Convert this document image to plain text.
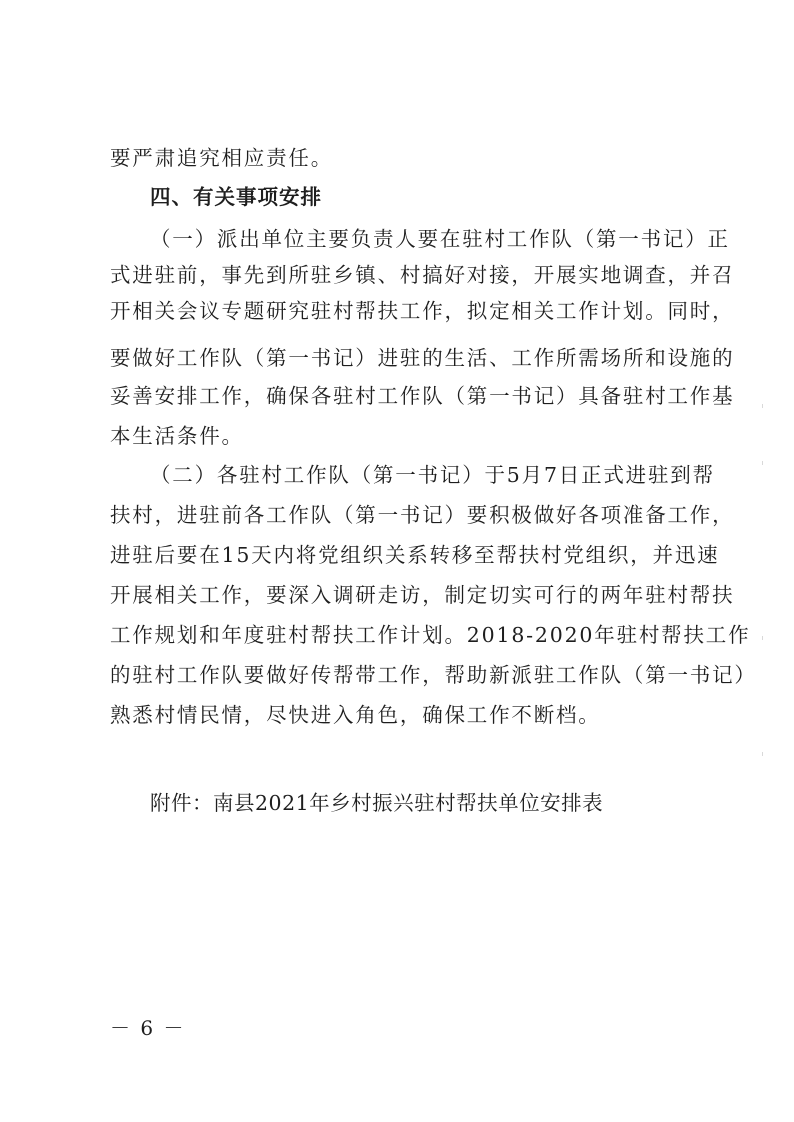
要严肃追究相应责任。
四、有关事项安排
（一）派出单位主要负责人要在驻村工作队（第一书记）正
式进驻前，事先到所驻乡镇、村搞好对接，开展实地调查，并召
开相关会议专题研究驻村帮扶工作，拟定相关工作计划。同时，
要做好工作队（第一书记）进驻的生活、工作所需场所和设施的
妥善安排工作，确保各驻村工作队（第一书记）具备驻村工作基
本生活条件。
（二）各驻村工作队（第一书记）于5月7日正式进驻到帮
扶村，进驻前各工作队（第一书记）要积极做好各项准备工作，
进驻后要在15天内将党组织关系转移至帮扶村党组织，并迅速
开展相关工作，要深入调研走访，制定切实可行的两年驻村帮扶
工作规划和年度驻村帮扶工作计划。2018-2020年驻村帮扶工作
的驻村工作队要做好传帮带工作，帮助新派驻工作队（第一书记）
熟悉村情民情，尽快进入角色，确保工作不断档。
附件：南县2021年乡村振兴驻村帮扶单位安排表
－ 6 －
